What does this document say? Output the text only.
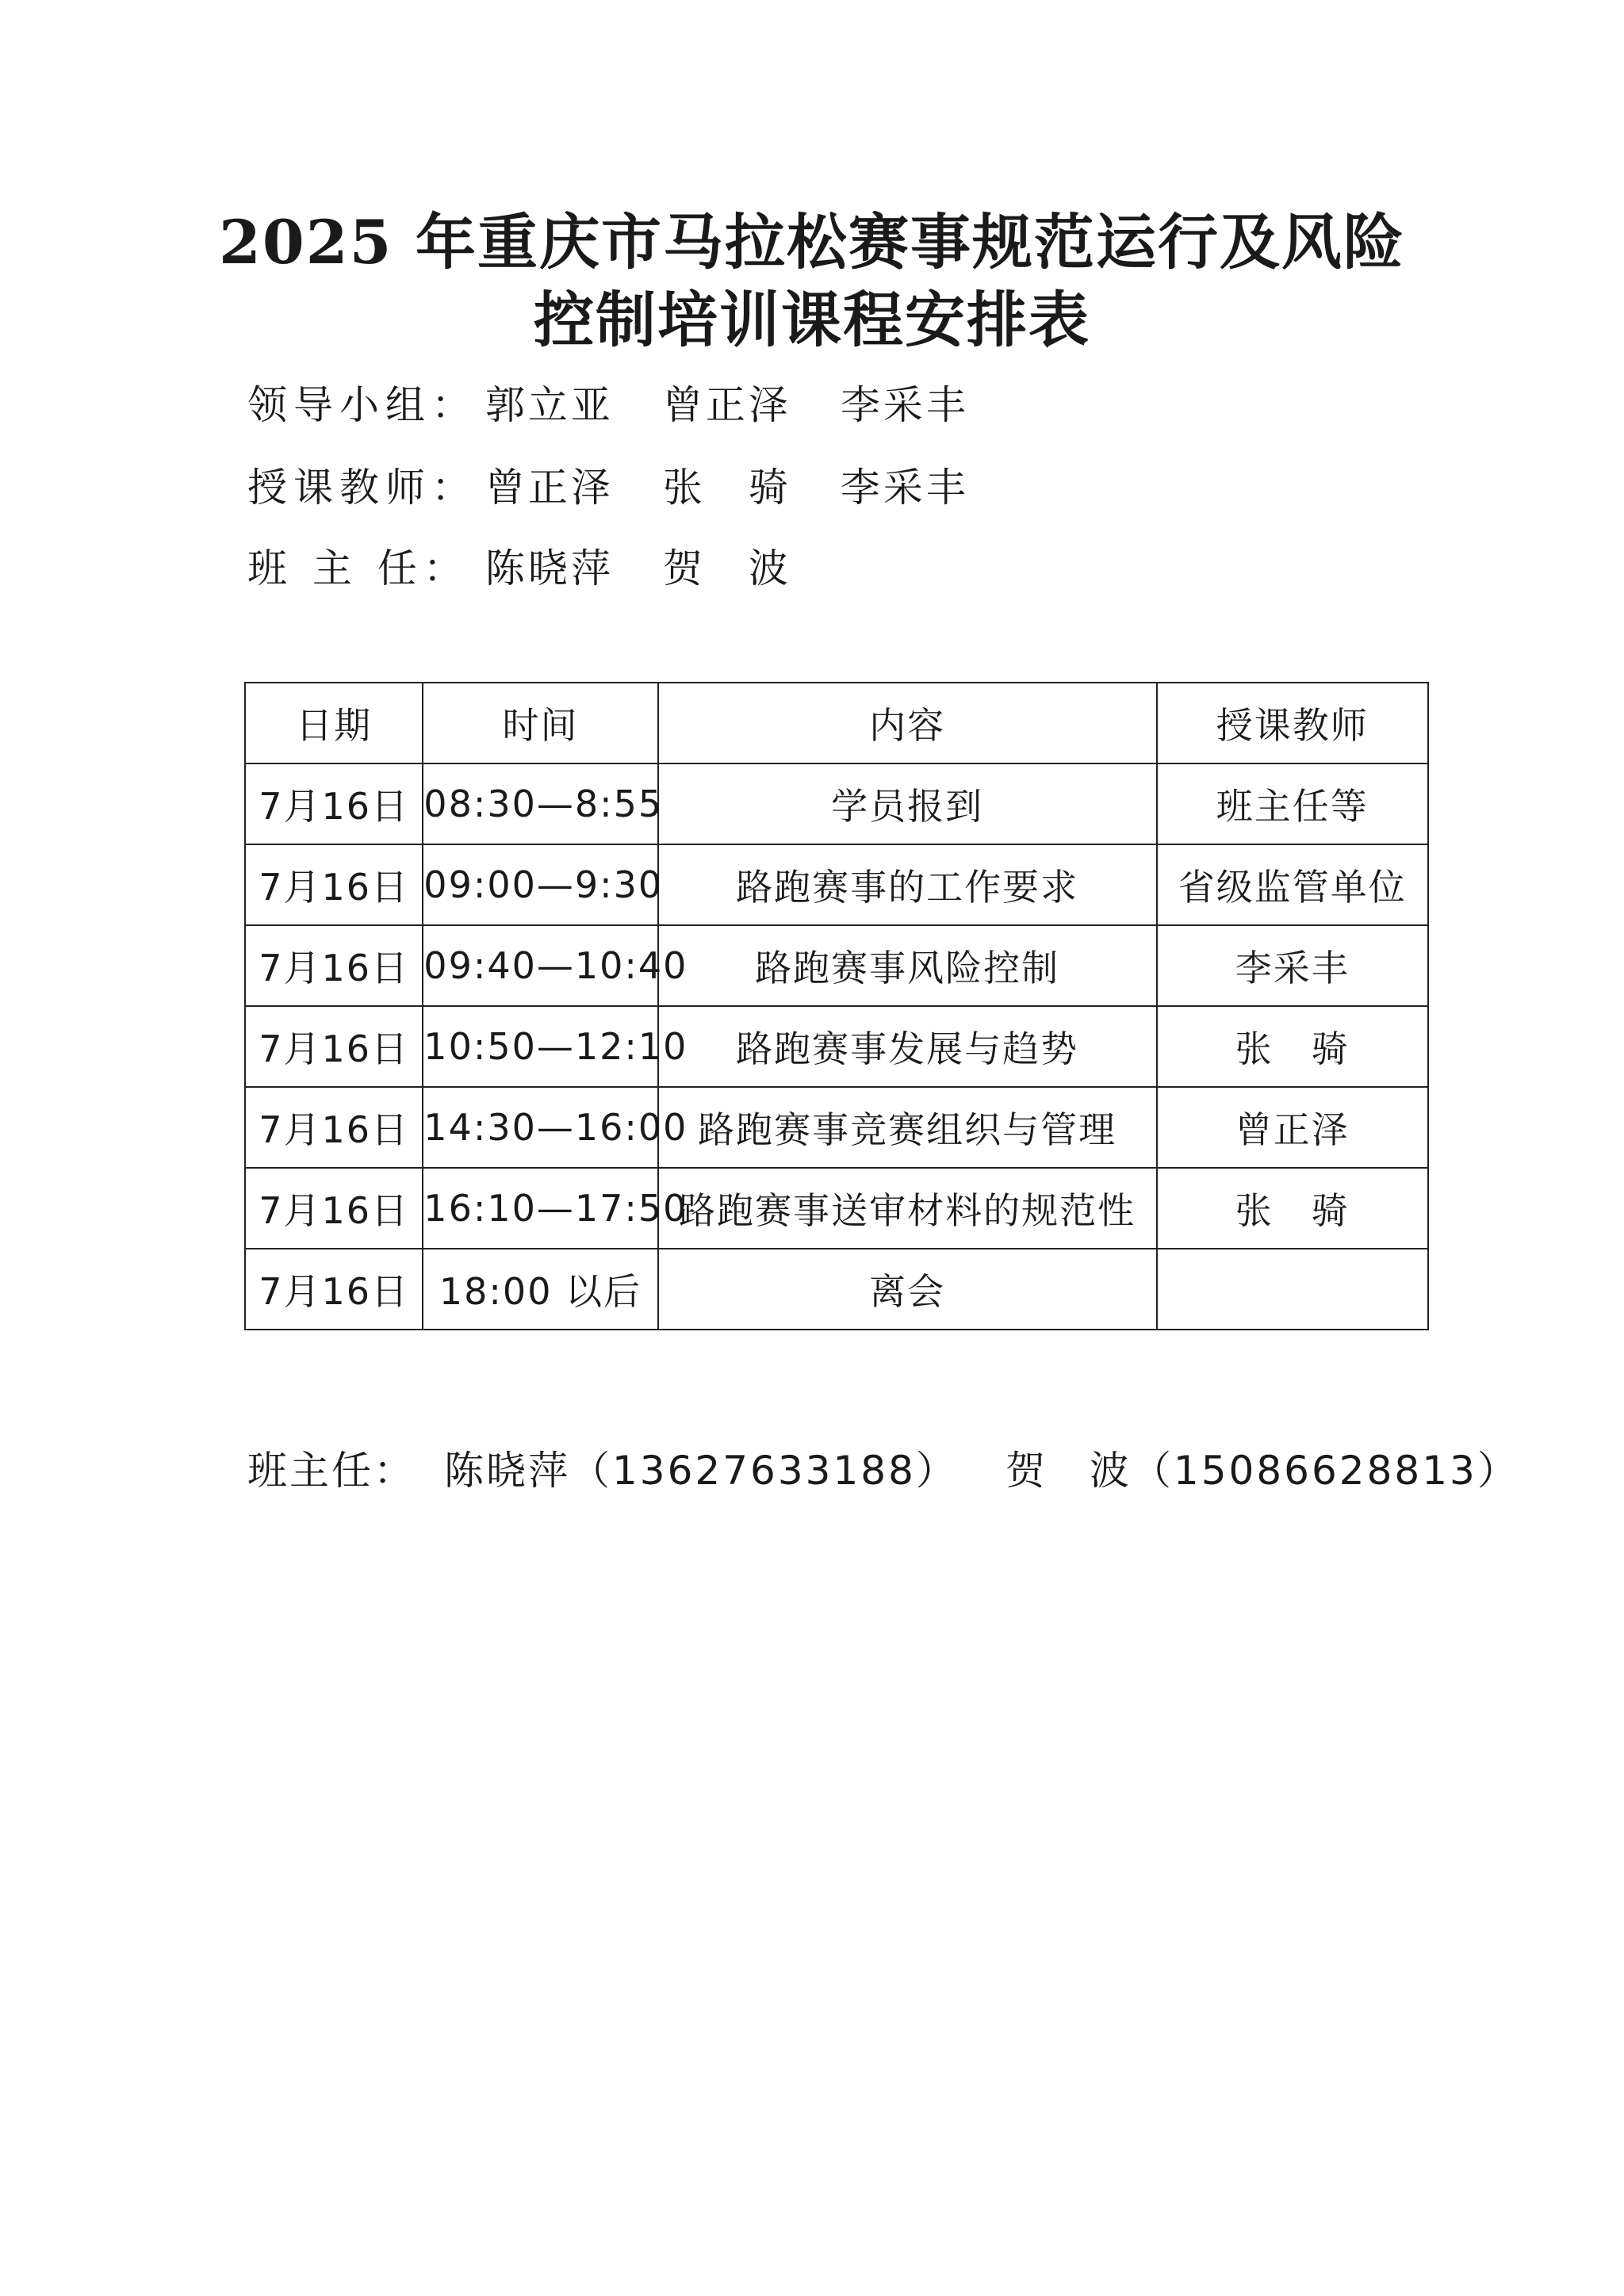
2025 年重庆市马拉松赛事规范运行及风险
控制培训课程安排表
领导小组： 郭立亚 曾正泽 李采丰
授课教师： 曾正泽 张　骑 李采丰
班 主 任： 陈晓萍 贺　波
日期	时间	内容	授课教师
7月16日	08:30—8:55	学员报到	班主任等
7月16日	09:00—9:30	路跑赛事的工作要求	省级监管单位
7月16日	09:40—10:40	路跑赛事风险控制	李采丰
7月16日	10:50—12:10	路跑赛事发展与趋势	张　骑
7月16日	14:30—16:00	路跑赛事竞赛组织与管理	曾正泽
7月16日	16:10—17:50	路跑赛事送审材料的规范性	张　骑
7月16日	18:00 以后	离会	
班主任： 陈晓萍（13627633188） 贺　波（15086628813）
